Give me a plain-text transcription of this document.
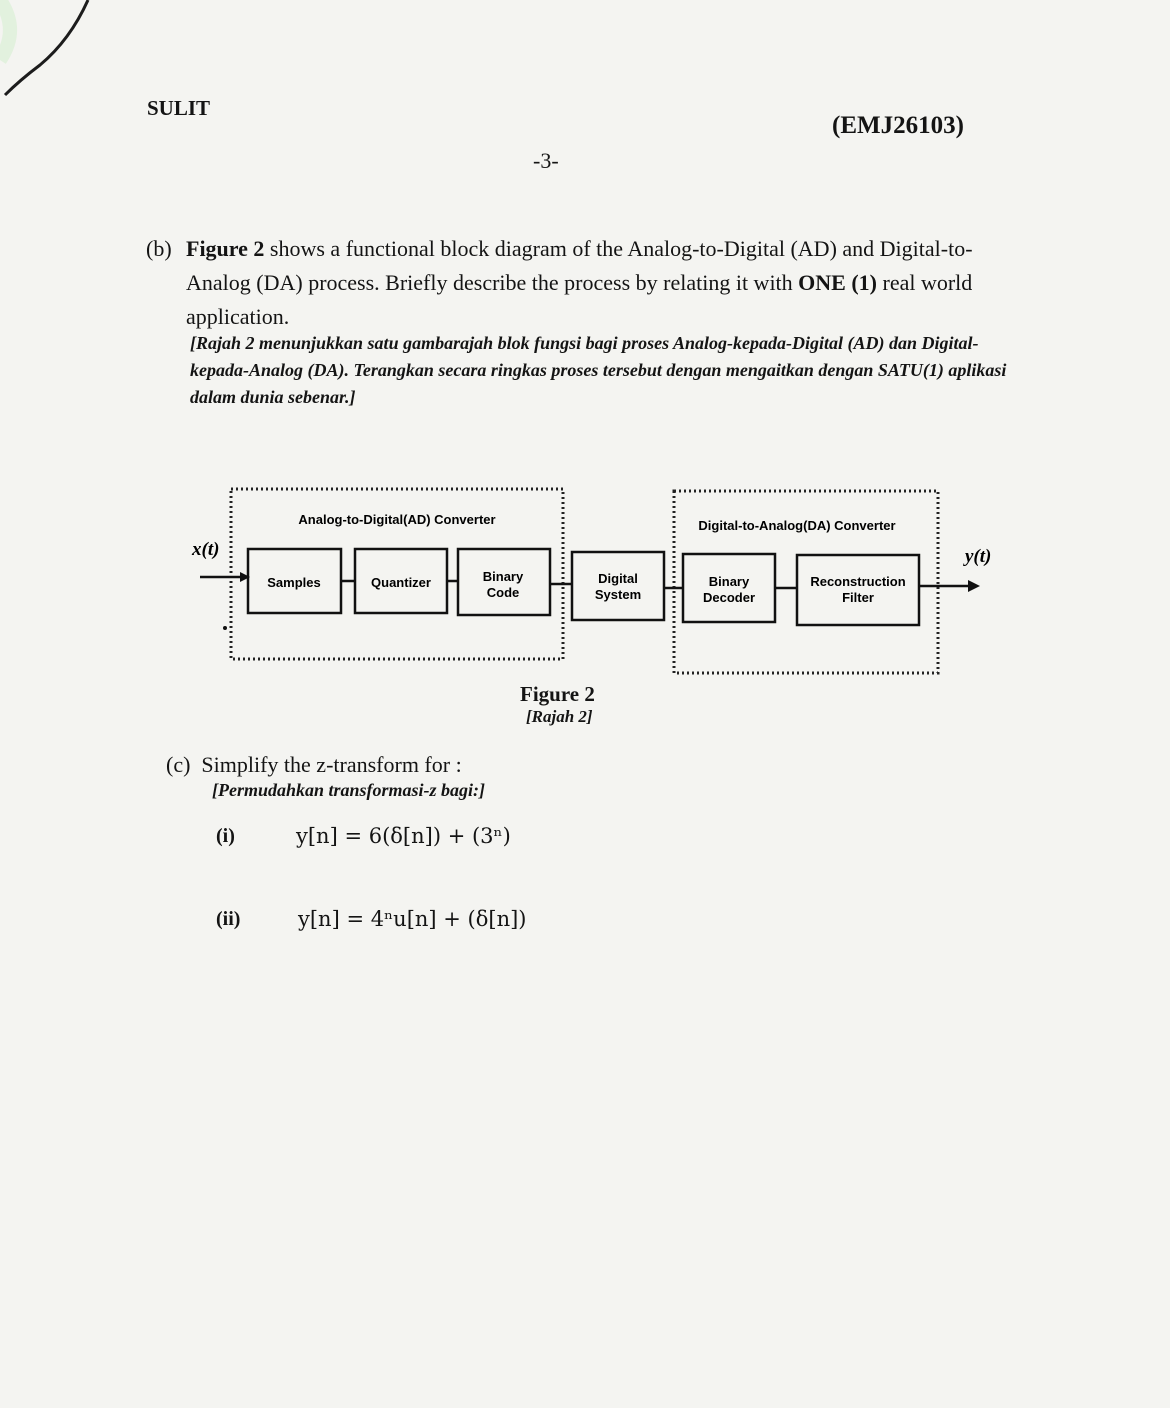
SULIT
(EMJ26103)
-3-
(b) Figure 2 shows a functional block diagram of the Analog-to-Digital (AD) and Digital-to-Analog (DA) process. Briefly describe the process by relating it with ONE (1) real world application.
[Rajah 2 menunjukkan satu gambarajah blok fungsi bagi proses Analog-kepada-Digital (AD) dan Digital- kepada-Analog (DA). Terangkan secara ringkas proses tersebut dengan mengaitkan dengan SATU(1) aplikasi dalam dunia sebenar.]
Analog-to-Digital(AD) Converter	Digital-to-Analog(DA) Converter
x(t)	y(t)
Samples	Quantizer	Binary
Code
Digital
System
Binary
Decoder
Reconstruction
Filter
Figure 2
[Rajah 2]
(c) Simplify the z-transform for :
[Permudahkan transformasi-z bagi:]
(i)	y[n] = 6(δ[n]) + (3ⁿ)
(ii)	y[n] = 4ⁿu[n] + (δ[n])
